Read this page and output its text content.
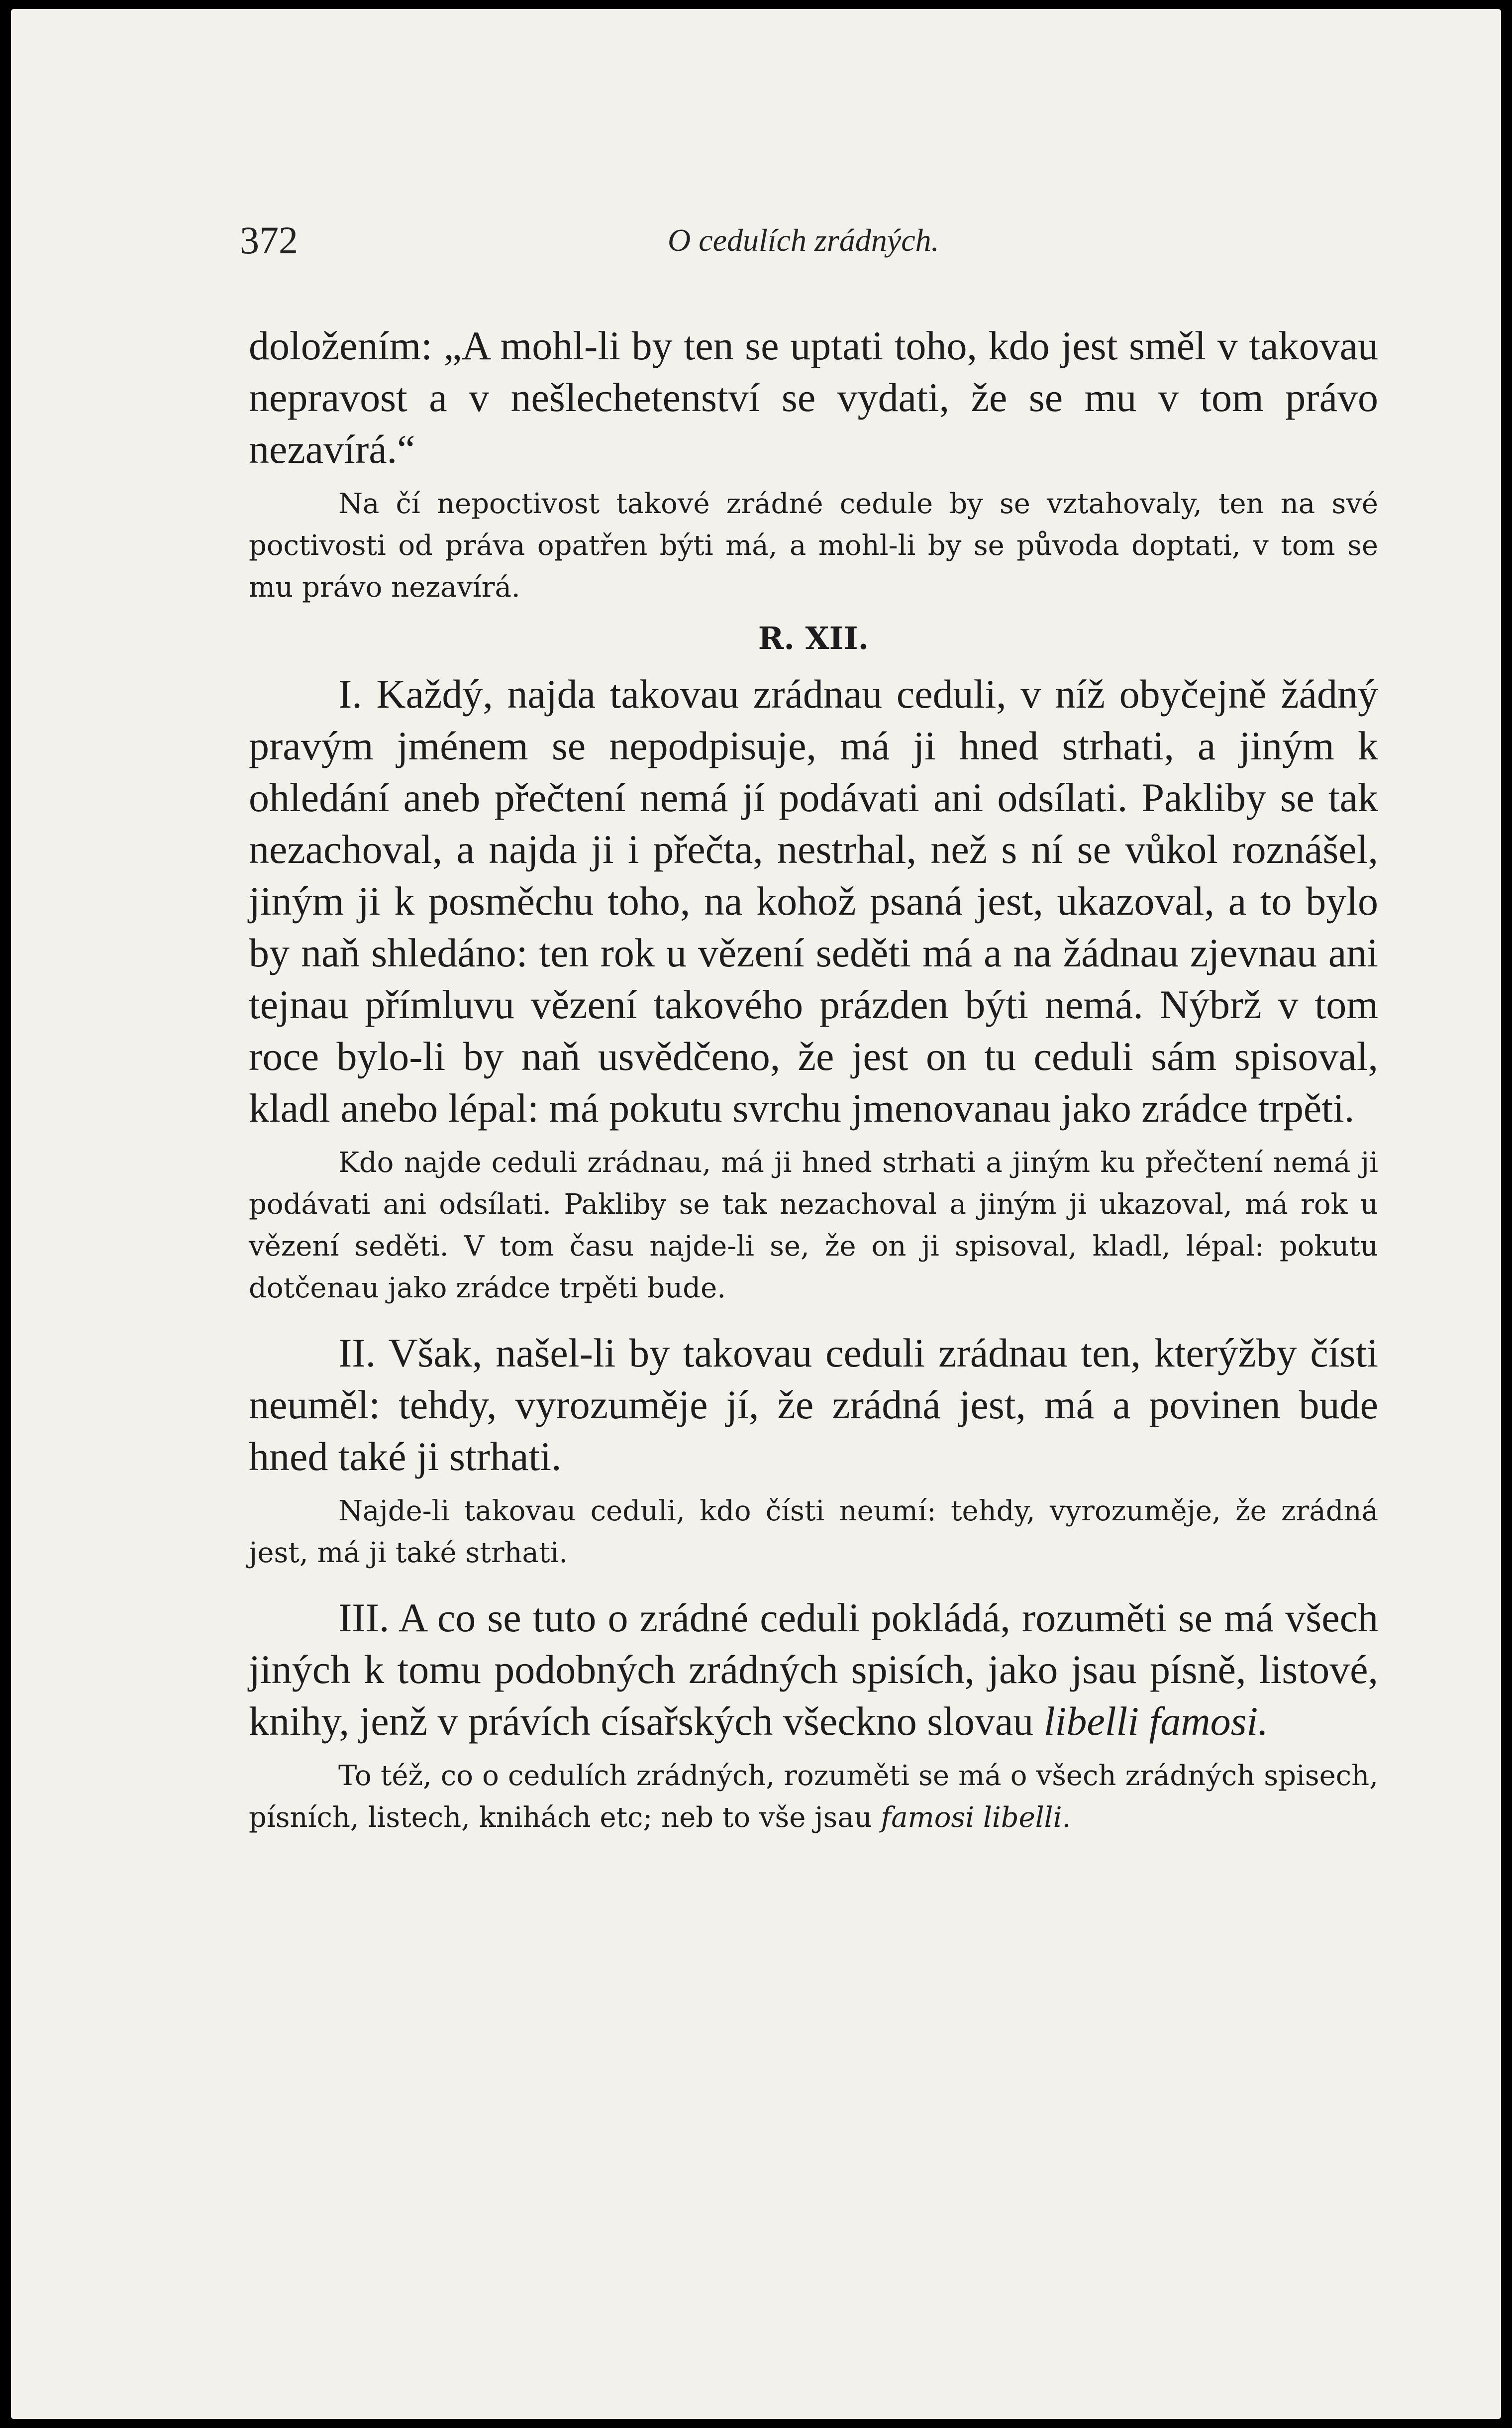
372	O cedulích zrádných.

doložením: „A mohl-li by ten se uptati toho, kdo jest směl v takovau nepravost a v nešlechetenství se vydati, že se mu v tom právo nezavírá.“

Na čí nepoctivost takové zrádné cedule by se vztahovaly, ten na své poctivosti od práva opatřen býti má, a mohl-li by se původa doptati, v tom se mu právo nezavírá.

R. XII.

I. Každý, najda takovau zrádnau ceduli, v níž obyčejně žádný pravým jménem se nepodpisuje, má ji hned strhati, a jiným k ohledání aneb přečtení nemá jí podávati ani odsílati. Pakliby se tak nezachoval, a najda ji i přečta, nestrhal, než s ní se vůkol roznášel, jiným ji k posměchu toho, na kohož psaná jest, ukazoval, a to bylo by naň shledáno: ten rok u vězení seděti má a na žádnau zjevnau ani tejnau přímluvu vězení takového prázden býti nemá. Nýbrž v tom roce bylo-li by naň usvědčeno, že jest on tu ceduli sám spisoval, kladl anebo lépal: má pokutu svrchu jmenovanau jako zrádce trpěti.

Kdo najde ceduli zrádnau, má ji hned strhati a jiným ku přečtení nemá ji podávati ani odsílati. Pakliby se tak nezachoval a jiným ji ukazoval, má rok u vězení seděti. V tom času najde-li se, že on ji spisoval, kladl, lépal: pokutu dotčenau jako zrádce trpěti bude.

II. Však, našel-li by takovau ceduli zrádnau ten, kterýžby čísti neuměl: tehdy, vyrozuměje jí, že zrádná jest, má a povinen bude hned také ji strhati.

Najde-li takovau ceduli, kdo čísti neumí: tehdy, vyrozuměje, že zrádná jest, má ji také strhati.

III. A co se tuto o zrádné ceduli pokládá, rozuměti se má všech jiných k tomu podobných zrádných spisích, jako jsau písně, listové, knihy, jenž v právích císařských všeckno slovau libelli famosi.

To též, co o cedulích zrádných, rozuměti se má o všech zrádných spisech, písních, listech, knihách etc; neb to vše jsau famosi libelli.
